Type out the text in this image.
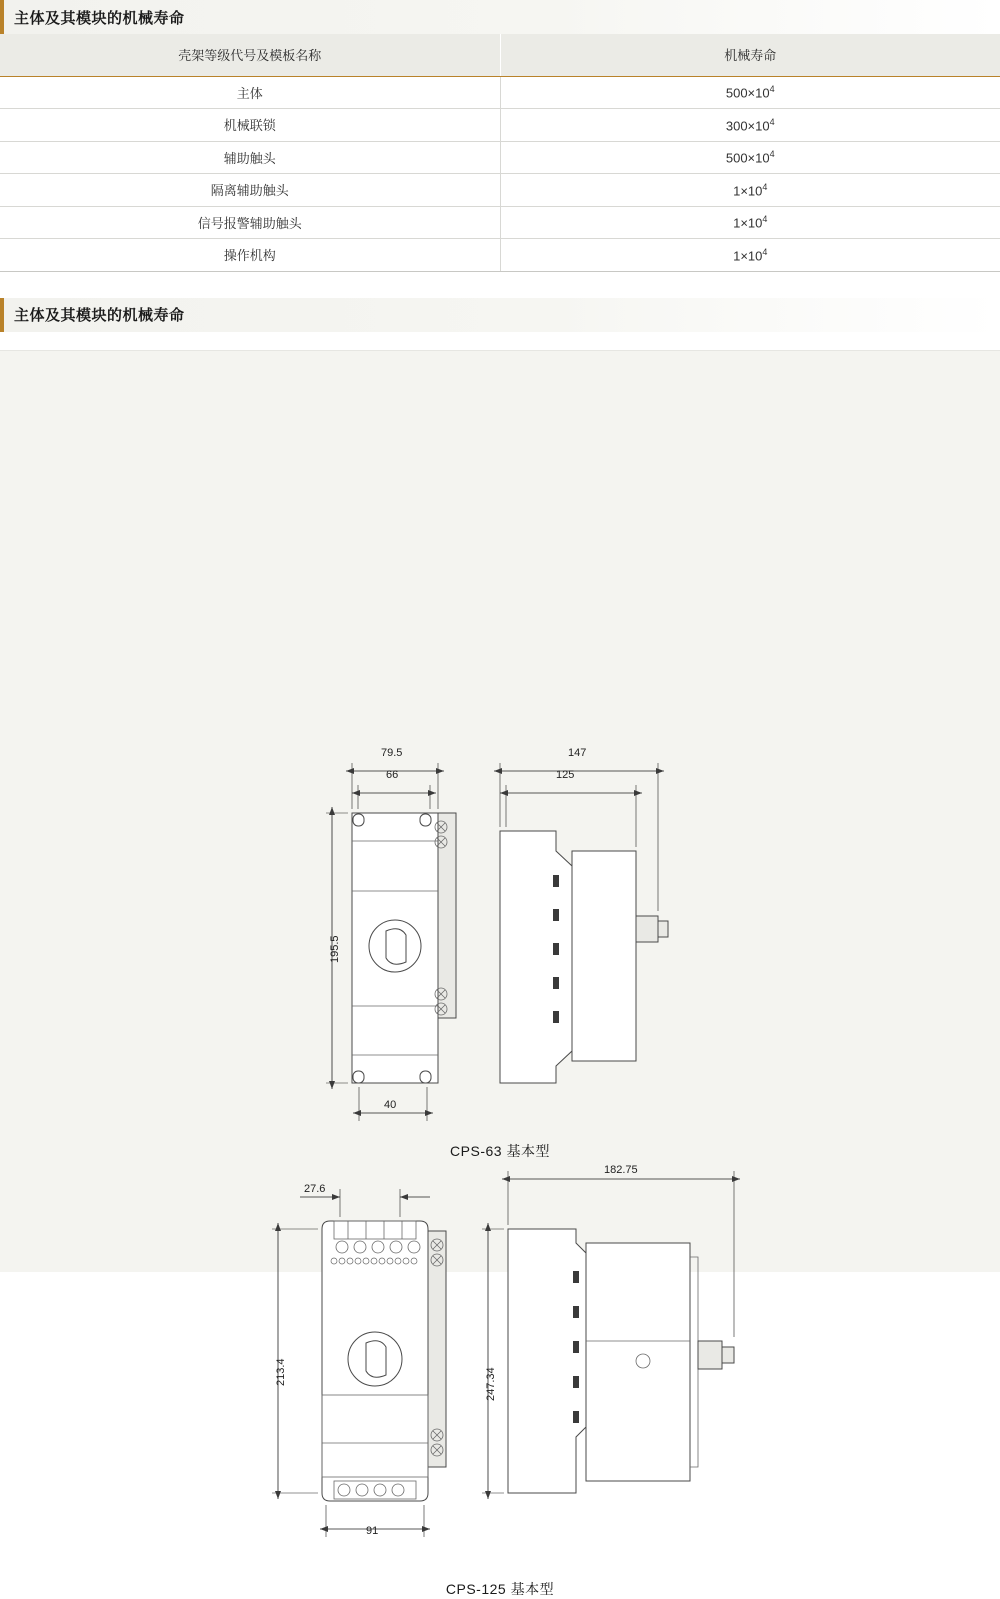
主体及其模块的机械寿命
壳架等级代号及模板名称	机械寿命
主体	$500\times 10^4$
机械联锁	$300\times 10^4$
辅助触头	$500\times 10^4$
隔离辅助触头	$1\times 10^4$
信号报警辅助触头	$1\times 10^4$
操作机构	$1\times 10^4$
主体及其模块的机械寿命
79.5
66
195.5
40
147
125
CPS-63 基本型
27.6
213.4
91
247.34
182.75
CPS-125 基本型
